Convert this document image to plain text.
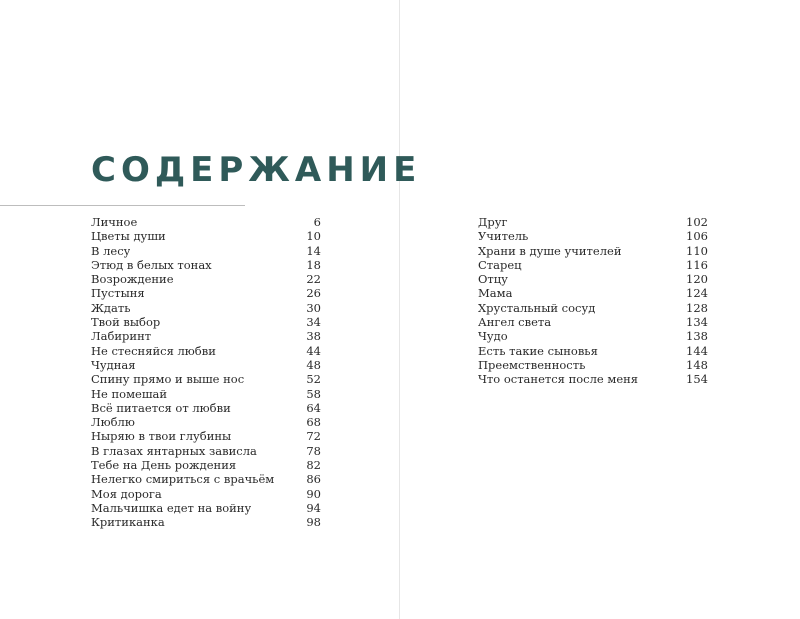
СОДЕРЖАНИЕ
Личное	6
Цветы души	10
В лесу	14
Этюд в белых тонах	18
Возрождение	22
Пустыня	26
Ждать	30
Твой выбор	34
Лабиринт	38
Не стесняйся любви	44
Чудная	48
Спину прямо и выше нос	52
Не помешай	58
Всё питается от любви	64
Люблю	68
Ныряю в твои глубины	72
В глазах янтарных зависла	78
Тебе на День рождения	82
Нелегко смириться с врачьём	86
Моя дорога	90
Мальчишка едет на войну	94
Критиканка	98
Друг	102
Учитель	106
Храни в душе учителей	110
Старец	116
Отцу	120
Мама	124
Хрустальный сосуд	128
Ангел света	134
Чудо	138
Есть такие сыновья	144
Преемственность	148
Что останется после меня	154
